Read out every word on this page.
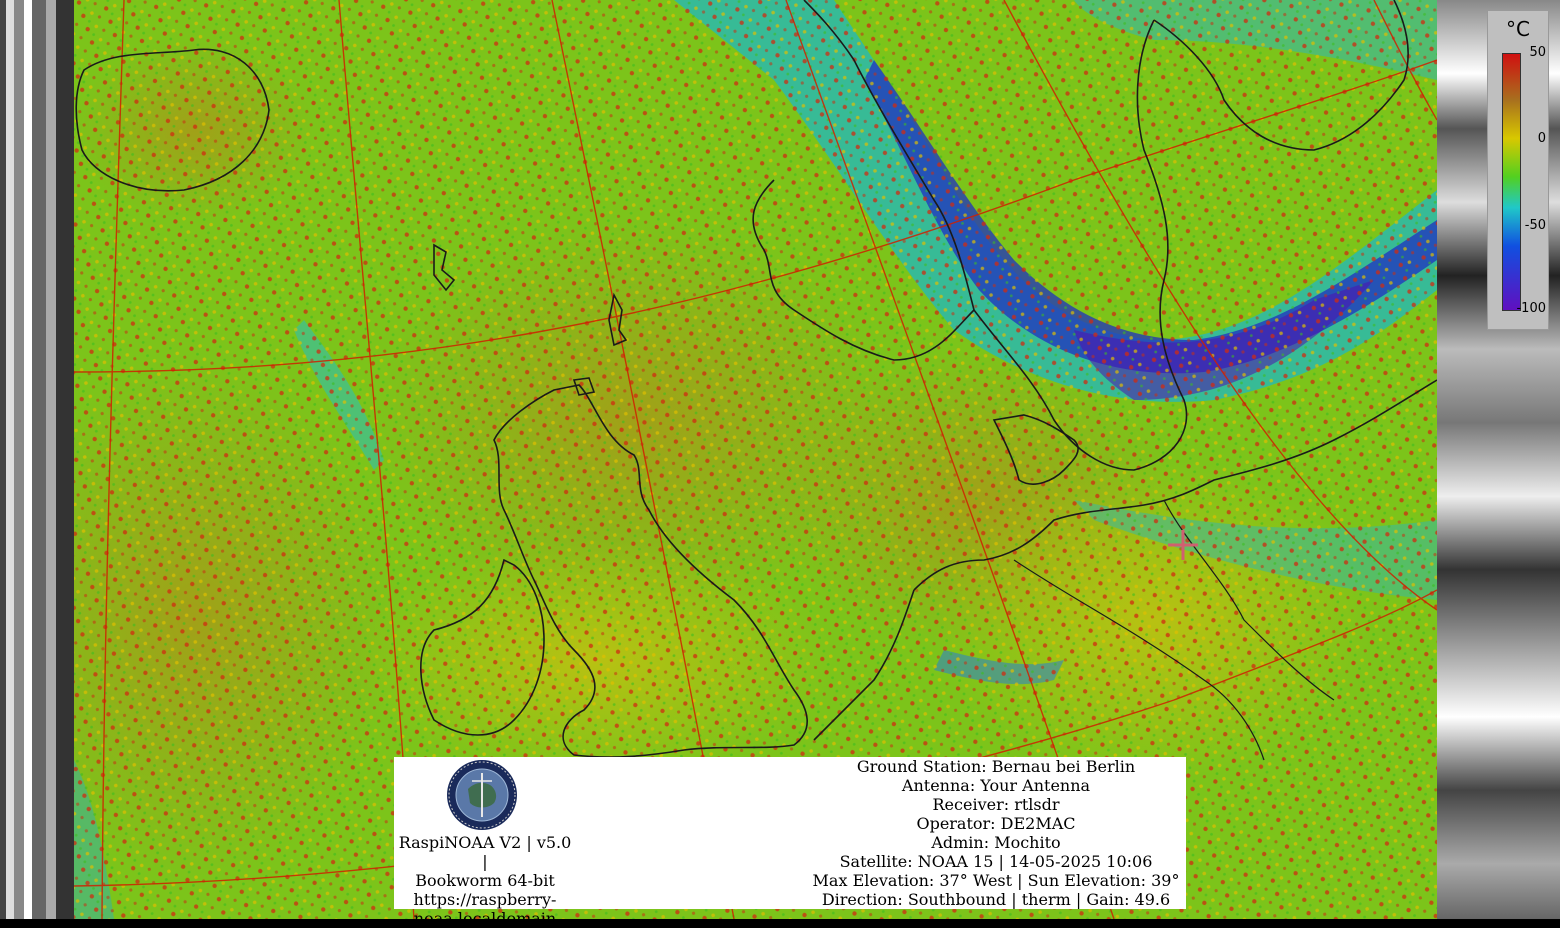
°C
50
0
-50
-100
RaspiNOAA V2 | v5.0 |
Bookworm 64-bit
https://raspberry-
noaa.localdomain
Ground Station: Bernau bei Berlin
Antenna: Your Antenna
Receiver: rtlsdr
Operator: DE2MAC
Admin: Mochito
Satellite: NOAA 15 | 14-05-2025 10:06
Max Elevation: 37° West | Sun Elevation: 39°
Direction: Southbound | therm | Gain: 49.6
